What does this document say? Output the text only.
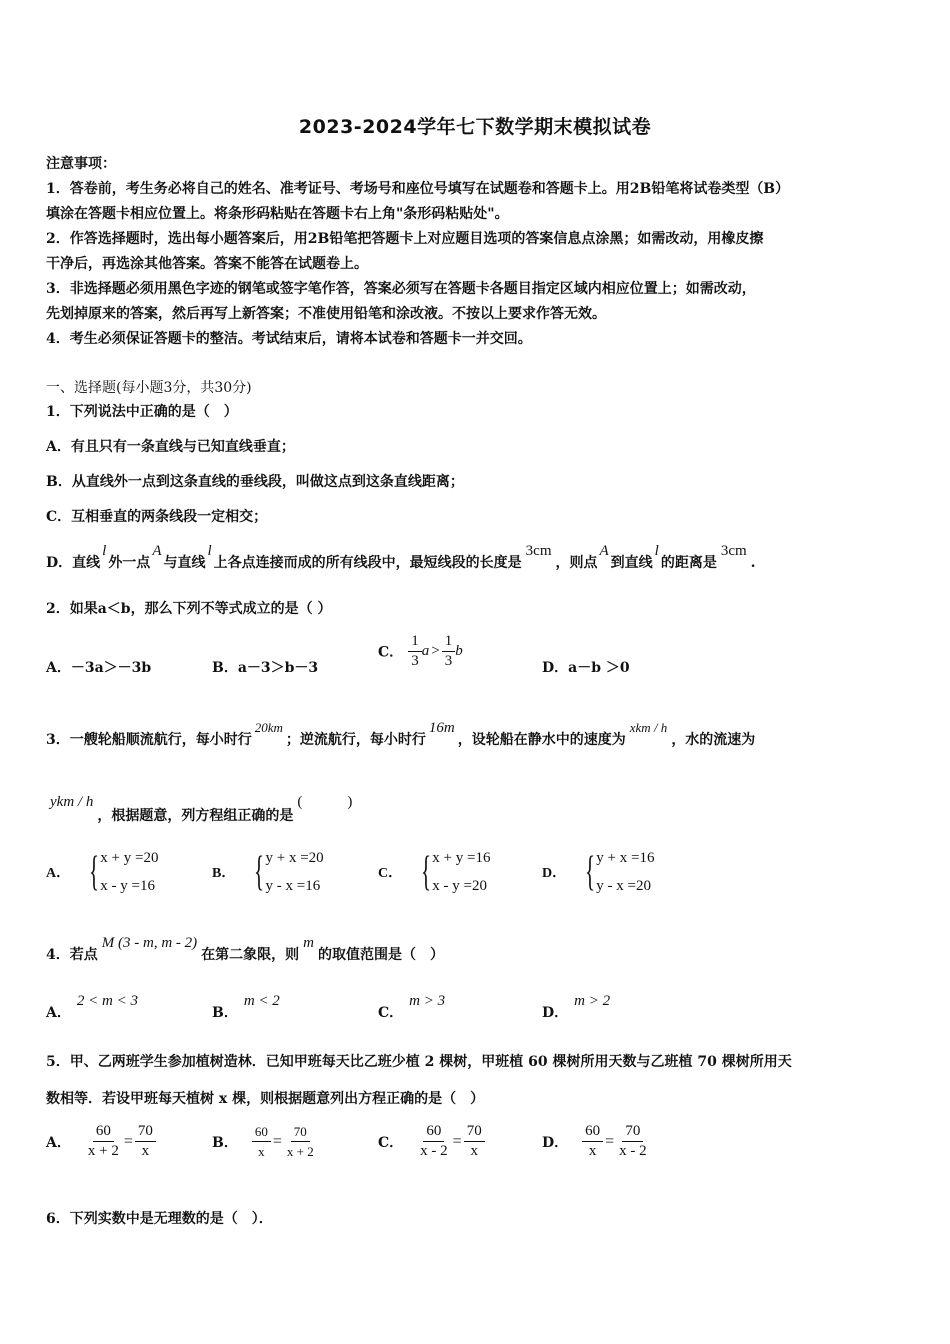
2023-2024学年七下数学期末模拟试卷
注意事项：
1．答卷前，考生务必将自己的姓名、准考证号、考场号和座位号填写在试题卷和答题卡上。用2B铅笔将试卷类型（B）
填涂在答题卡相应位置上。将条形码粘贴在答题卡右上角"条形码粘贴处"。
2．作答选择题时，选出每小题答案后，用2B铅笔把答题卡上对应题目选项的答案信息点涂黑；如需改动，用橡皮擦
干净后，再选涂其他答案。答案不能答在试题卷上。
3．非选择题必须用黑色字迹的钢笔或签字笔作答，答案必须写在答题卡各题目指定区域内相应位置上；如需改动，
先划掉原来的答案，然后再写上新答案；不准使用铅笔和涂改液。不按以上要求作答无效。
4．考生必须保证答题卡的整洁。考试结束后，请将本试卷和答题卡一并交回。
一、选择题(每小题3分，共30分)
1．下列说法中正确的是（　）
A．有且只有一条直线与已知直线垂直；
B．从直线外一点到这条直线的垂线段，叫做这点到这条直线距离；
C．互相垂直的两条线段一定相交；
D．直线l外一点A与直线l上各点连接而成的所有线段中，最短线段的长度是3cm，则点A到直线l的距离是3cm.
2．如果a＜b，那么下列不等式成立的是（ ）
A．－3a＞－3b	B．a－3＞b－3
C． $\frac{1}{3}$ $a > \frac{1}{3}$ b
D．a－b ＞0
3．一艘轮船顺流航行，每小时行20km；逆流航行，每小时行16m，设轮船在静水中的速度为xkm / h，水的流速为
ykm / h，根据题意，列方程组正确的是(　　　)
A． { x + y =20
x - y =16
B． { y + x =20
y - x =16
C． { x + y =16
x - y =20
D． { y + x =16
y - x =20
4．若点M (3 - m, m - 2)在第二象限，则m的取值范围是（　）
A．2 < m < 3
B．m < 2
C．m > 3
D．m > 2
5．甲、乙两班学生参加植树造林．已知甲班每天比乙班少植 2 棵树，甲班植 60 棵树所用天数与乙班植 70 棵树所用天
数相等．若设甲班每天植树 x 棵，则根据题意列出方程正确的是（　）
A． $\frac{60}{x + 2} = \frac{70}{x}$	B． $\frac{60}{x} = \frac{70}{x + 2}$	C． $\frac{60}{x - 2} = \frac{70}{x}$	D． $\frac{60}{x} = \frac{70}{x - 2}$
6．下列实数中是无理数的是（　）．
